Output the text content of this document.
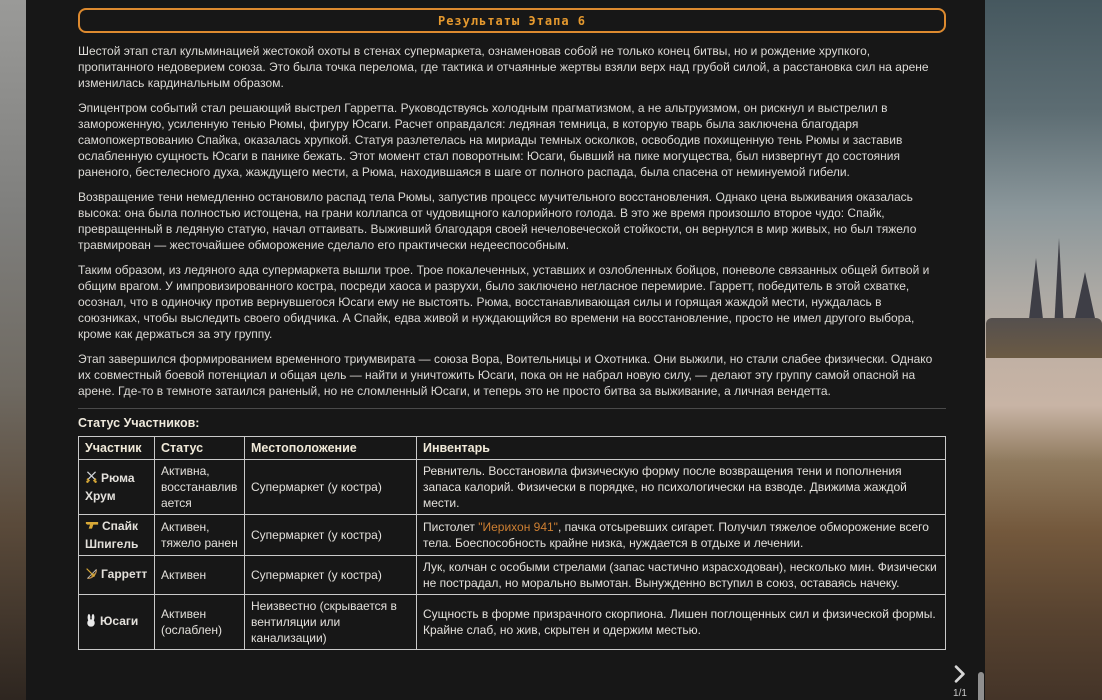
Результаты Этапа 6

Шестой этап стал кульминацией жестокой охоты в стенах супермаркета, ознаменовав собой не только конец битвы, но и рождение хрупкого, пропитанного недоверием союза. Это была точка перелома, где тактика и отчаянные жертвы взяли верх над грубой силой, а расстановка сил на арене изменилась кардинальным образом.

Эпицентром событий стал решающий выстрел Гарретта. Руководствуясь холодным прагматизмом, а не альтруизмом, он рискнул и выстрелил в замороженную, усиленную тенью Рюмы, фигуру Юсаги. Расчет оправдался: ледяная темница, в которую тварь была заключена благодаря самопожертвованию Спайка, оказалась хрупкой. Статуя разлетелась на мириады темных осколков, освободив похищенную тень Рюмы и заставив ослабленную сущность Юсаги в панике бежать. Этот момент стал поворотным: Юсаги, бывший на пике могущества, был низвергнут до состояния раненого, бестелесного духа, жаждущего мести, а Рюма, находившаяся в шаге от полного распада, была спасена от неминуемой гибели.

Возвращение тени немедленно остановило распад тела Рюмы, запустив процесс мучительного восстановления. Однако цена выживания оказалась высока: она была полностью истощена, на грани коллапса от чудовищного калорийного голода. В это же время произошло второе чудо: Спайк, превращенный в ледяную статую, начал оттаивать. Выживший благодаря своей нечеловеческой стойкости, он вернулся в мир живых, но был тяжело травмирован — жесточайшее обморожение сделало его практически недееспособным.

Таким образом, из ледяного ада супермаркета вышли трое. Трое покалеченных, уставших и озлобленных бойцов, поневоле связанных общей битвой и общим врагом. У импровизированного костра, посреди хаоса и разрухи, было заключено негласное перемирие. Гарретт, победитель в этой схватке, осознал, что в одиночку против вернувшегося Юсаги ему не выстоять. Рюма, восстанавливающая силы и горящая жаждой мести, нуждалась в союзниках, чтобы выследить своего обидчика. А Спайк, едва живой и нуждающийся во времени на восстановление, просто не имел другого выбора, кроме как держаться за эту группу.

Этап завершился формированием временного триумвирата — союза Вора, Воительницы и Охотника. Они выжили, но стали слабее физически. Однако их совместный боевой потенциал и общая цель — найти и уничтожить Юсаги, пока он не набрал новую силу, — делают эту группу самой опасной на арене. Где-то в темноте затаился раненый, но не сломленный Юсаги, и теперь это не просто битва за выживание, а личная вендетта.

Статус Участников:
Участник	Статус	Местоположение	Инвентарь
Рюма Хрум	Активна, восстанавливается	Супермаркет (у костра)	Ревнитель. Восстановила физическую форму после возвращения тени и пополнения запаса калорий. Физически в порядке, но психологически на взводе. Движима жаждой мести.
Спайк Шпигель	Активен, тяжело ранен	Супермаркет (у костра)	Пистолет "Иерихон 941", пачка отсыревших сигарет. Получил тяжелое обморожение всего тела. Боеспособность крайне низка, нуждается в отдыхе и лечении.
Гарретт	Активен	Супермаркет (у костра)	Лук, колчан с особыми стрелами (запас частично израсходован), несколько мин. Физически не пострадал, но морально вымотан. Вынужденно вступил в союз, оставаясь начеку.
Юсаги	Активен (ослаблен)	Неизвестно (скрывается в вентиляции или канализации)	Сущность в форме призрачного скорпиона. Лишен поглощенных сил и физической формы. Крайне слаб, но жив, скрытен и одержим местью.
1/1
